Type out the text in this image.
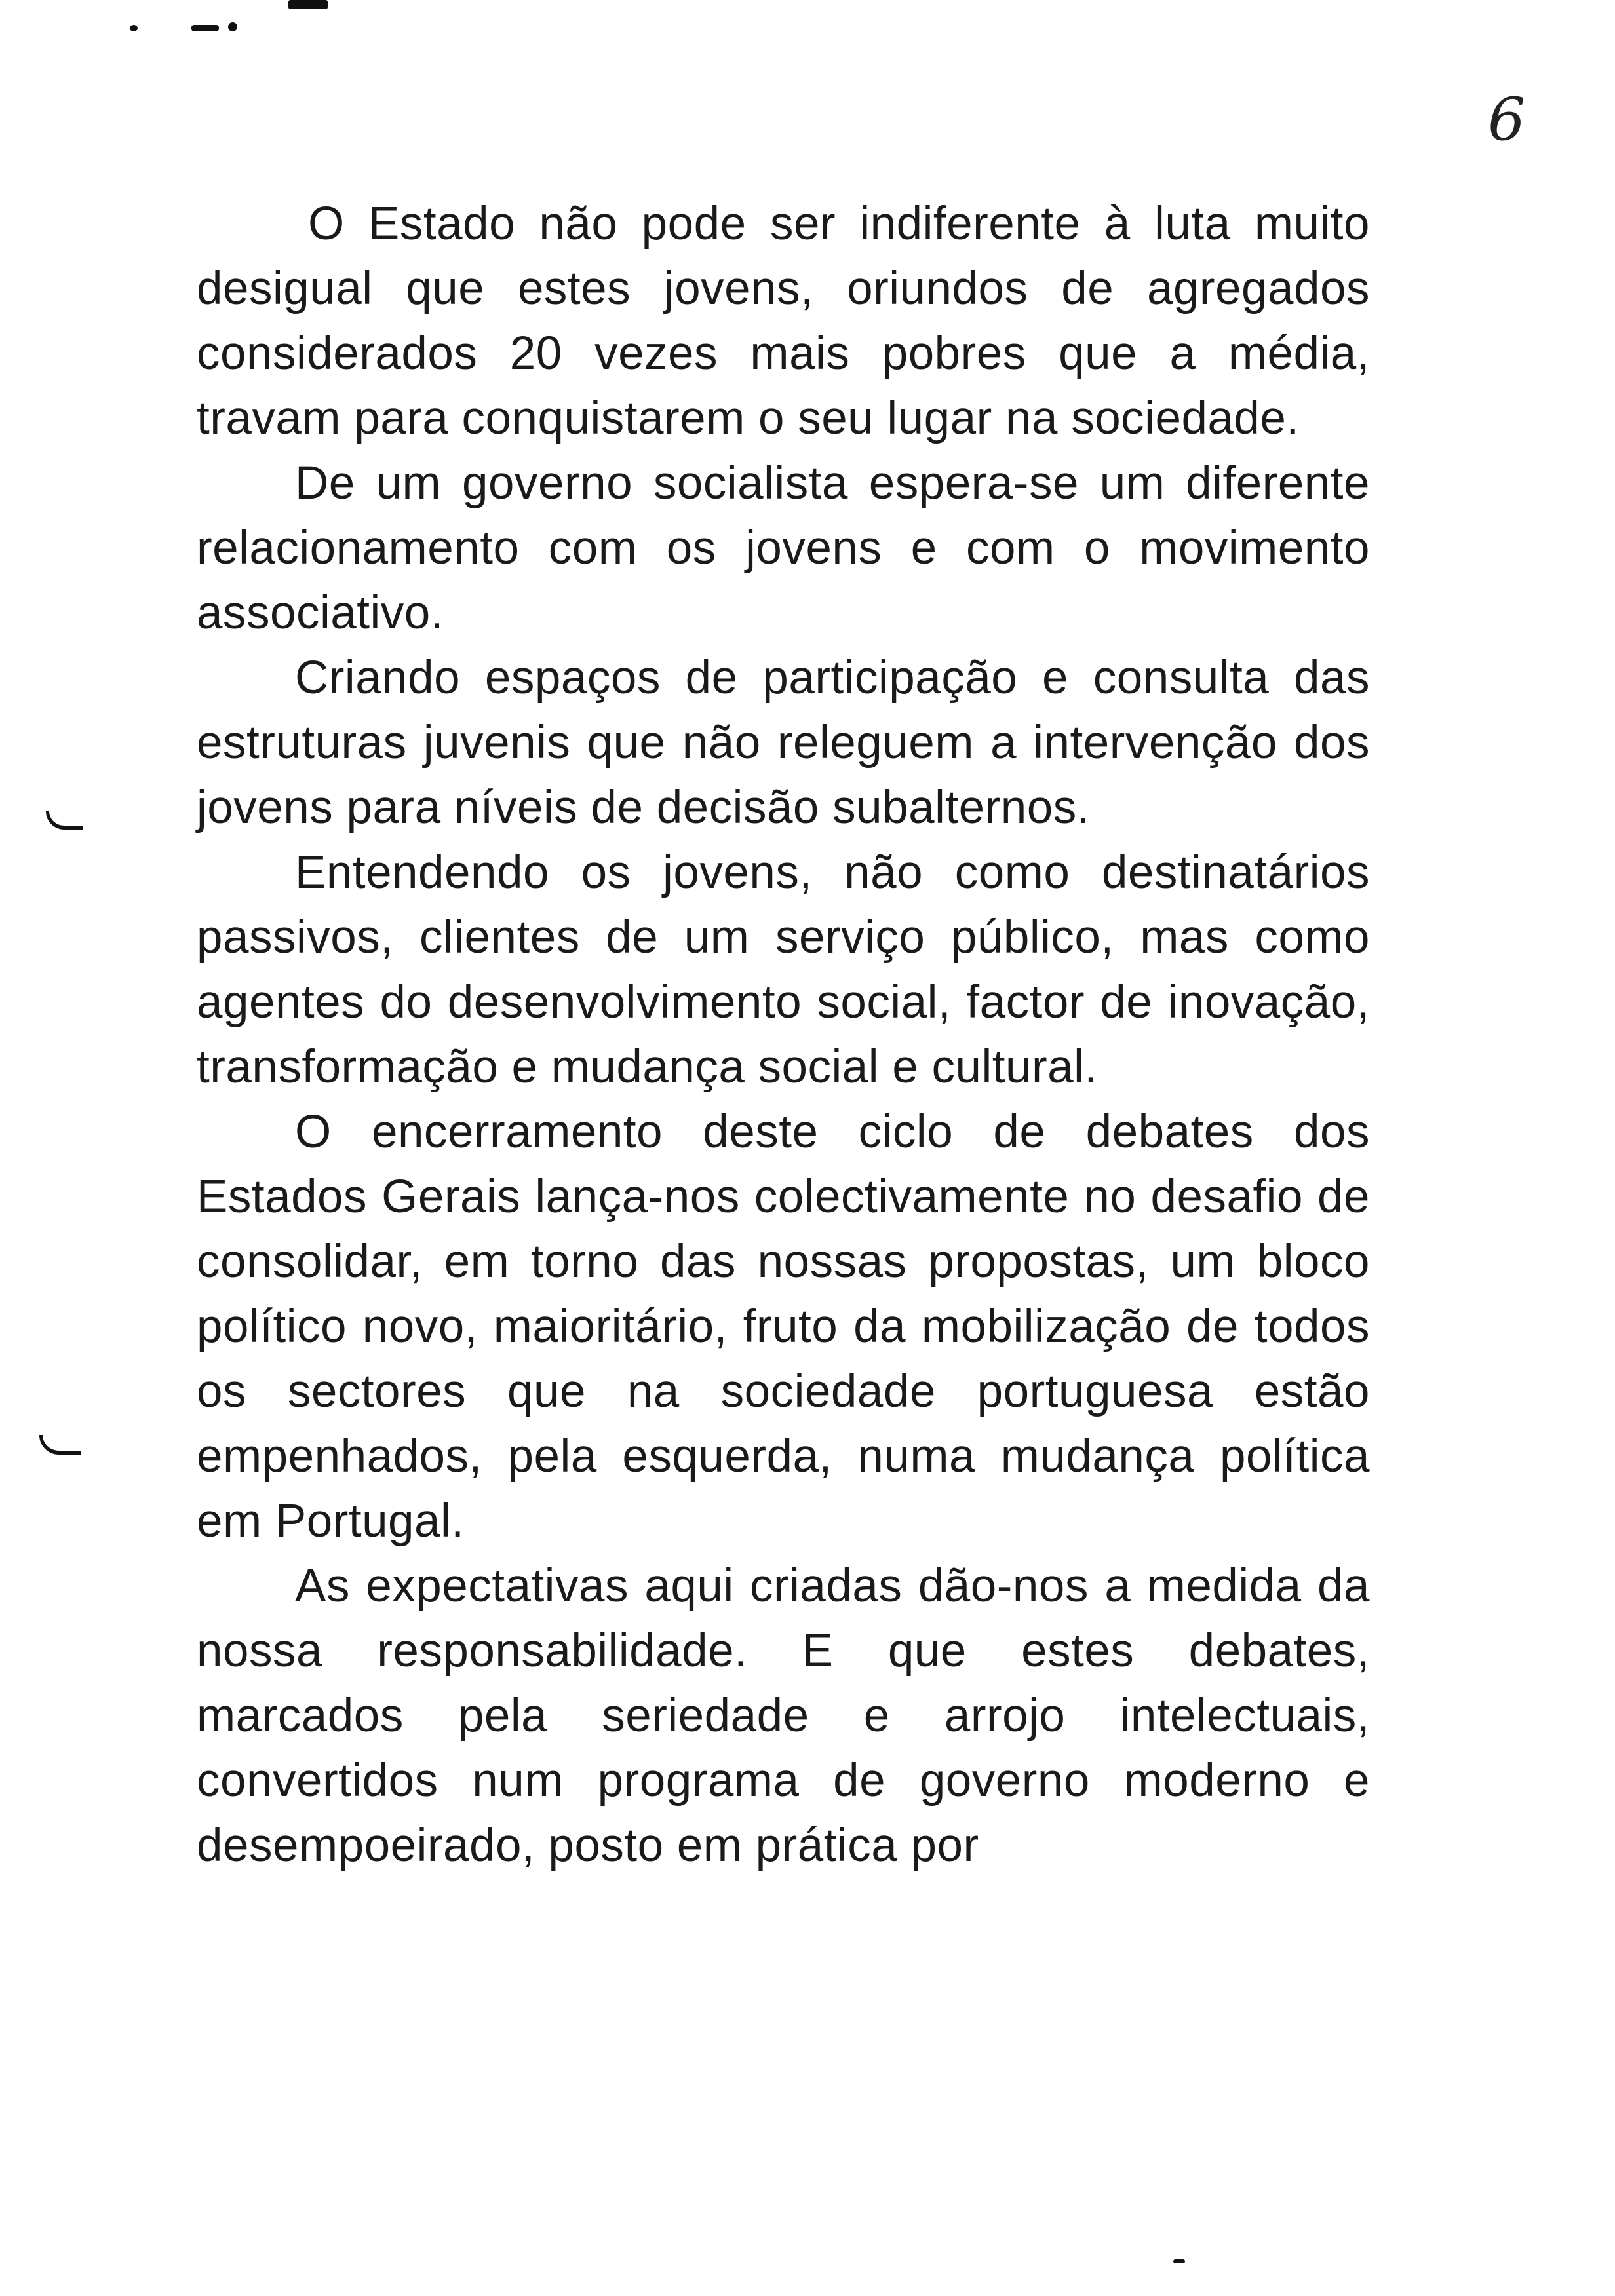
6

O Estado não pode ser indiferente à luta muito desigual que estes jovens, oriundos de agregados considerados 20 vezes mais pobres que a média, travam para conquistarem o seu lugar na sociedade.

De um governo socialista espera-se um diferente relacionamento com os jovens e com o movimento associativo.

Criando espaços de participação e consulta das estruturas juvenis que não releguem a intervenção dos jovens para níveis de decisão subalternos.

Entendendo os jovens, não como destinatários passivos, clientes de um serviço público, mas como agentes do desenvolvimento social, factor de inovação, transformação e mudança social e cultural.

O encerramento deste ciclo de debates dos Estados Gerais lança-nos colectivamente no desafio de consolidar, em torno das nossas propostas, um bloco político novo, maioritário, fruto da mobilização de todos os sectores que na sociedade portuguesa estão empenhados, pela esquerda, numa mudança política em Portugal.

As expectativas aqui criadas dão-nos a medida da nossa responsabilidade. E que estes debates, marcados pela seriedade e arrojo intelectuais, convertidos num programa de governo moderno e desempoeirado, posto em prática por
